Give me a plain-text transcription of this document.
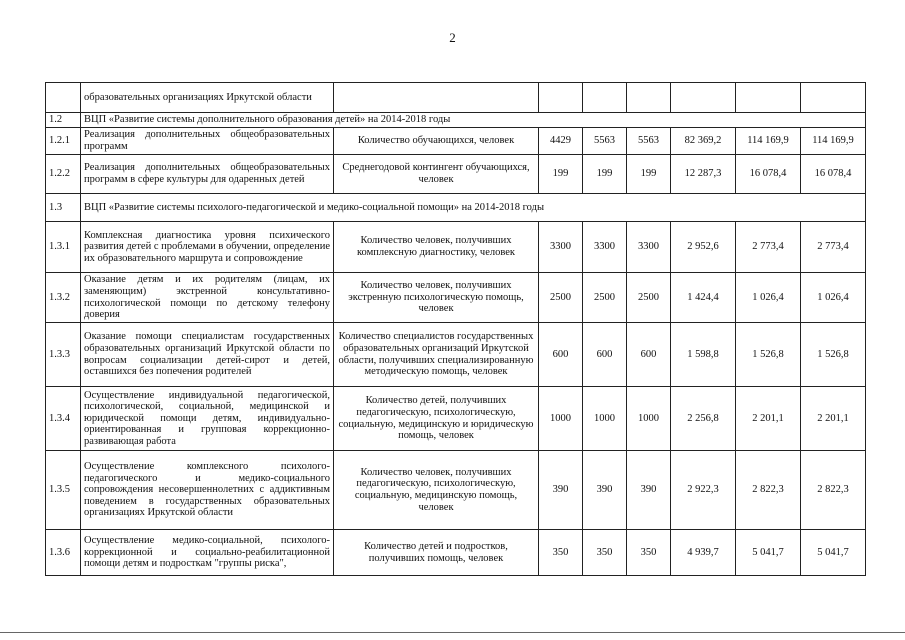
2
	образовательных организациях Иркутской области							
1.2	ВЦП «Развитие системы дополнительного образования детей» на 2014-2018 годы							
1.2.1	Реализация дополнительных общеобразовательных программ	Количество обучающихся, человек	4429	5563	5563	82 369,2	114 169,9	114 169,9
1.2.2	Реализация дополнительных общеобразовательных программ в сфере культуры для одаренных детей	Среднегодовой контингент обучающихся, человек	199	199	199	12 287,3	16 078,4	16 078,4
1.3	ВЦП «Развитие системы психолого-педагогической и медико-социальной помощи» на 2014-2018 годы							
1.3.1	Комплексная диагностика уровня психического развития детей с проблемами в обучении, определение их образовательного маршрута и сопровождение	Количество человек, получивших комплексную диагностику, человек	3300	3300	3300	2 952,6	2 773,4	2 773,4
1.3.2	Оказание детям и их родителям (лицам, их заменяющим) экстренной консультативно-психологической помощи по детскому телефону доверия	Количество человек, получивших экстренную психологическую помощь, человек	2500	2500	2500	1 424,4	1 026,4	1 026,4
1.3.3	Оказание помощи специалистам государственных образовательных организаций Иркутской области по вопросам социализации детей-сирот и детей, оставшихся без попечения родителей	Количество специалистов государственных образовательных организаций Иркутской области, получивших специализированную методическую помощь, человек	600	600	600	1 598,8	1 526,8	1 526,8
1.3.4	Осуществление индивидуальной педагогической, психологической, социальной, медицинской и юридической помощи детям, индивидуально-ориентированная и групповая коррекционно-развивающая работа	Количество детей, получивших педагогическую, психологическую, социальную, медицинскую и юридическую помощь, человек	1000	1000	1000	2 256,8	2 201,1	2 201,1
1.3.5	Осуществление комплексного психолого-педагогического и медико-социального сопровождения несовершеннолетних с аддиктивным поведением в государственных образовательных организациях Иркутской области	Количество человек, получивших педагогическую, психологическую, социальную, медицинскую помощь, человек	390	390	390	2 922,3	2 822,3	2 822,3
1.3.6	Осуществление медико-социальной, психолого-коррекционной и социально-реабилитационной помощи детям и подросткам "группы риска",	Количество детей и подростков, получивших помощь, человек	350	350	350	4 939,7	5 041,7	5 041,7
